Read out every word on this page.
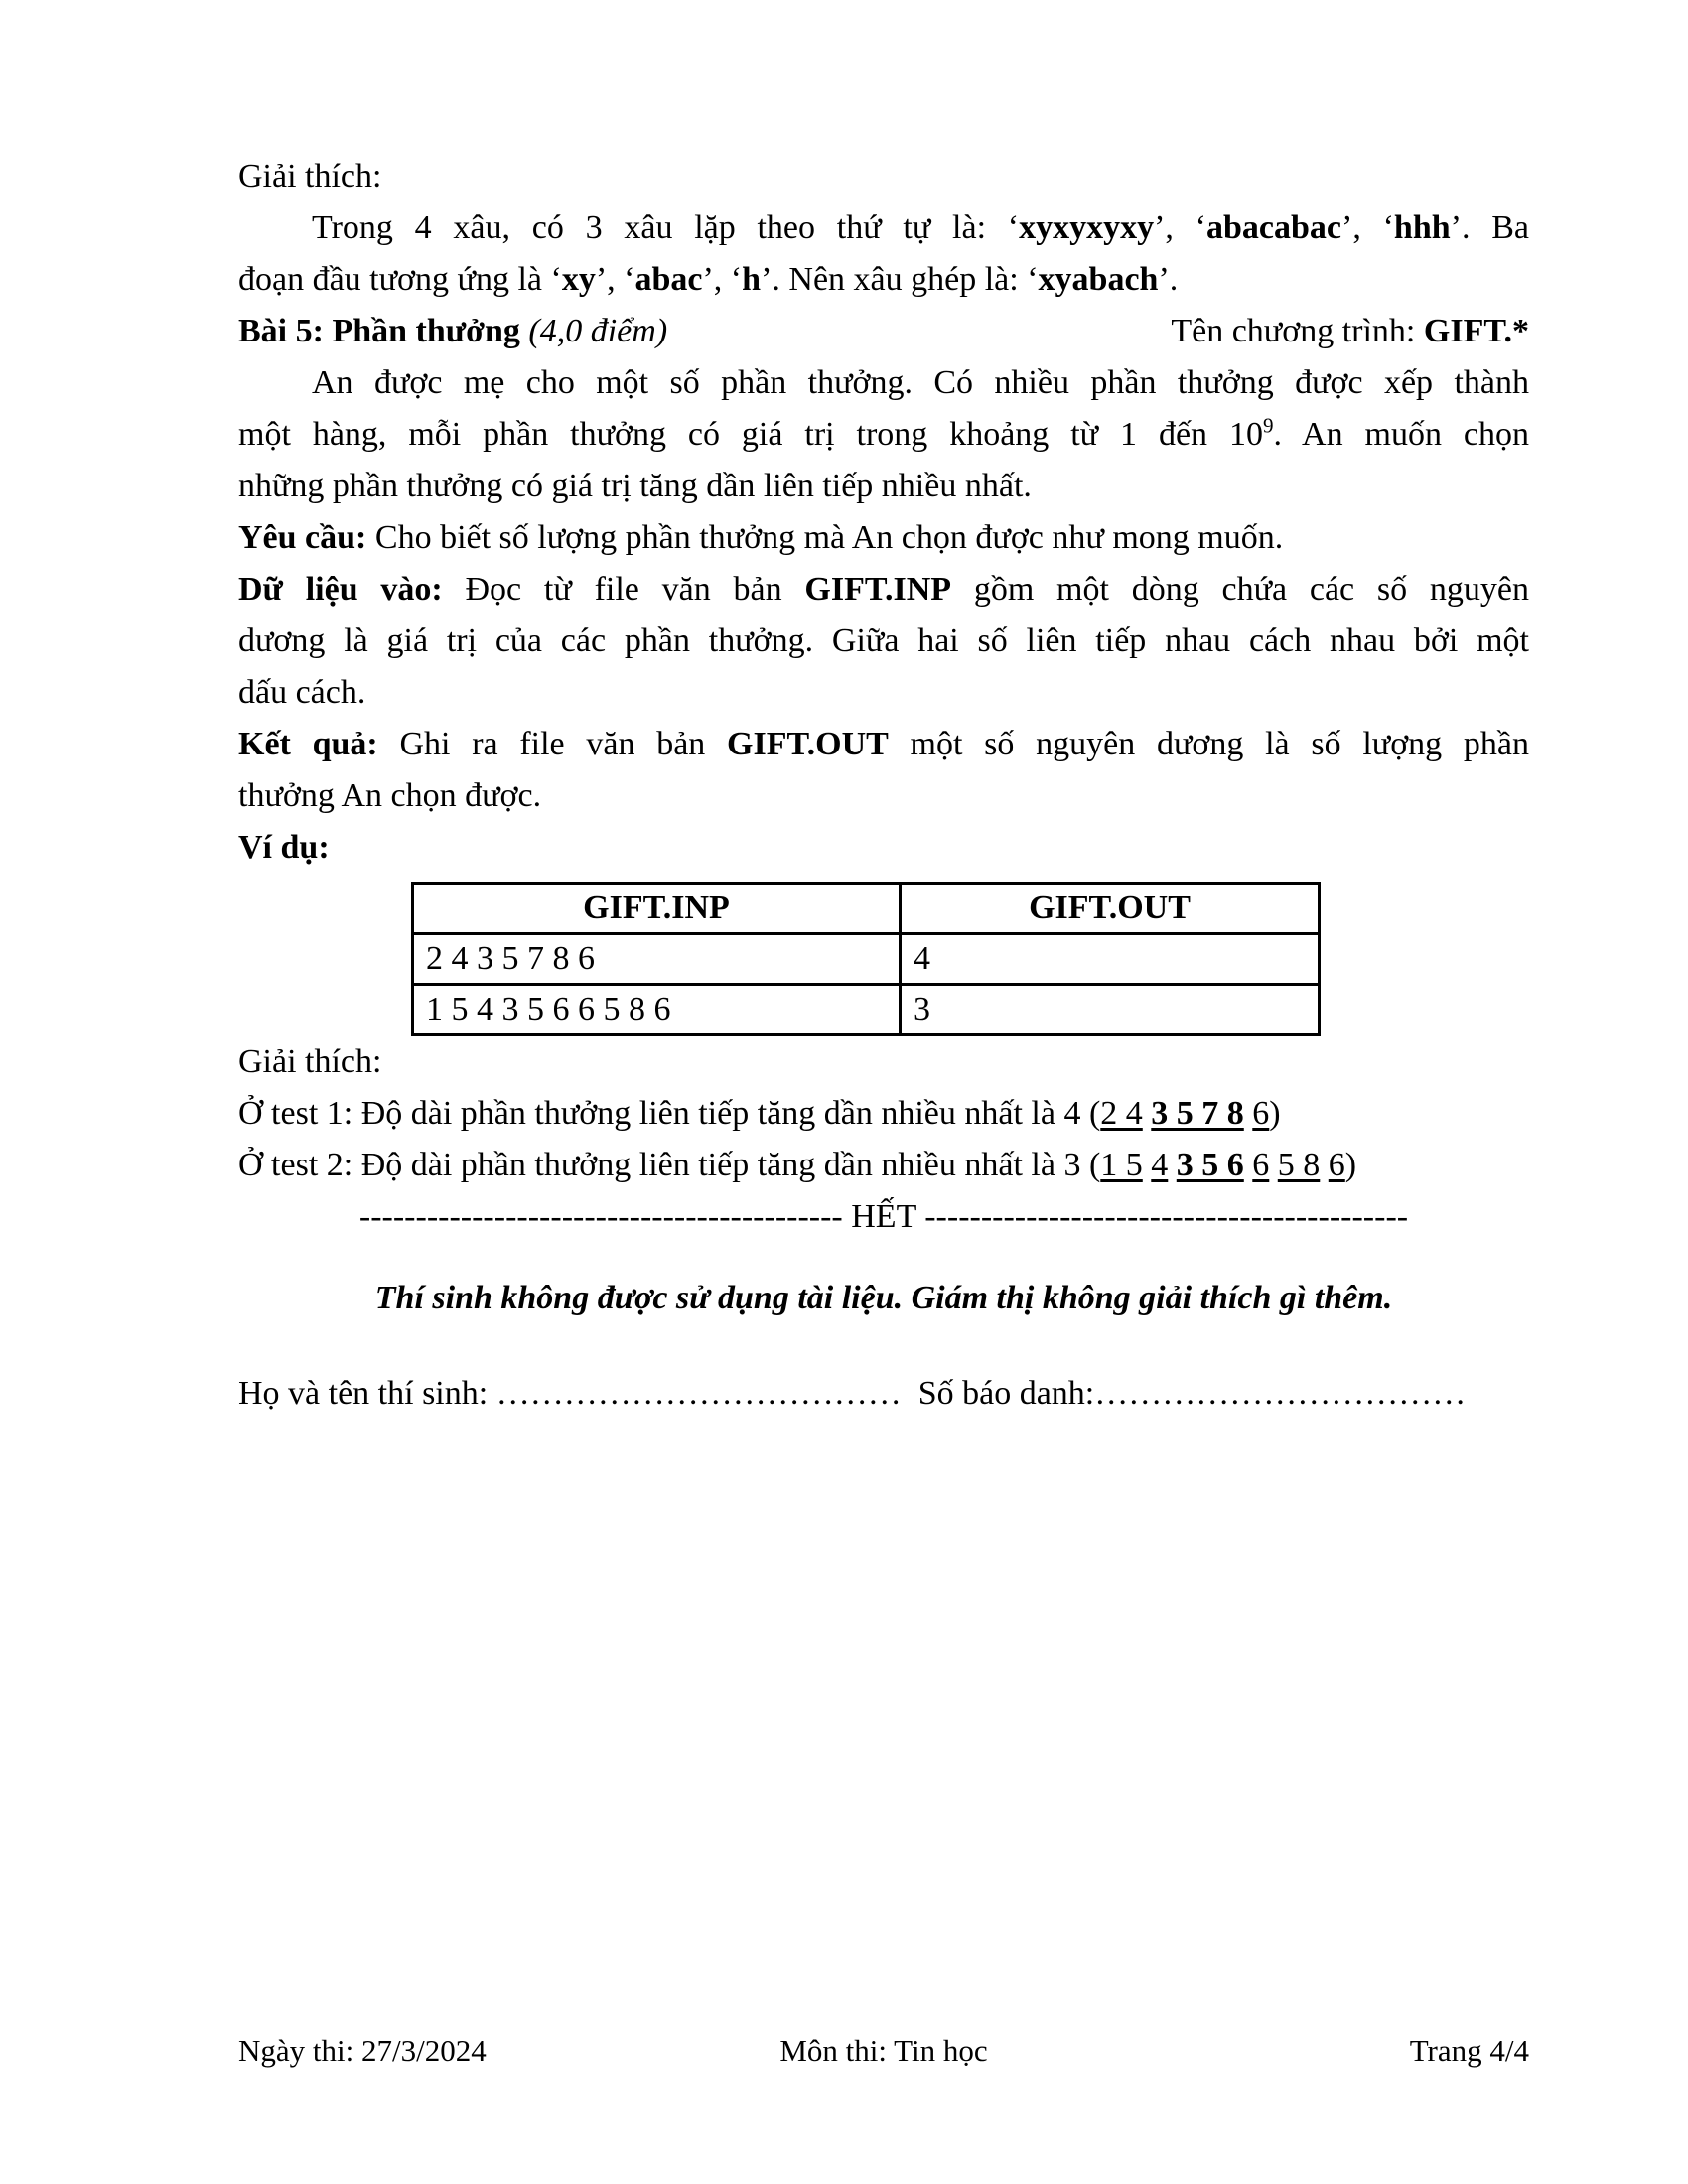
Giải thích:
Trong 4 xâu, có 3 xâu lặp theo thứ tự là: ‘xyxyxyxy’, ‘abacabac’, ‘hhh’. Ba
đoạn đầu tương ứng là ‘xy’, ‘abac’, ‘h’. Nên xâu ghép là: ‘xyabach’.
Bài 5: Phần thưởng (4,0 điểm)	Tên chương trình: GIFT.*
An được mẹ cho một số phần thưởng. Có nhiều phần thưởng được xếp thành
một hàng, mỗi phần thưởng có giá trị trong khoảng từ 1 đến $10^9$. An muốn chọn
những phần thưởng có giá trị tăng dần liên tiếp nhiều nhất.
Yêu cầu: Cho biết số lượng phần thưởng mà An chọn được như mong muốn.
Dữ liệu vào: Đọc từ file văn bản GIFT.INP gồm một dòng chứa các số nguyên
dương là giá trị của các phần thưởng. Giữa hai số liên tiếp nhau cách nhau bởi một
dấu cách.
Kết quả: Ghi ra file văn bản GIFT.OUT một số nguyên dương là số lượng phần
thưởng An chọn được.
Ví dụ:
GIFT.INP	GIFT.OUT
2 4 3 5 7 8 6	4
1 5 4 3 5 6 6 5 8 6	3
Giải thích:
Ở test 1: Độ dài phần thưởng liên tiếp tăng dần nhiều nhất là 4 (2 4 3 5 7 8 6)
Ở test 2: Độ dài phần thưởng liên tiếp tăng dần nhiều nhất là 3 (1 5 4 3 5 6 6 5 8 6)
------------------------------------------- HẾT -------------------------------------------
Thí sinh không được sử dụng tài liệu. Giám thị không giải thích gì thêm.
Họ và tên thí sinh: ………………………………  Số báo danh:……………………………
Ngày thi: 27/3/2024	Môn thi: Tin học	Trang 4/4
